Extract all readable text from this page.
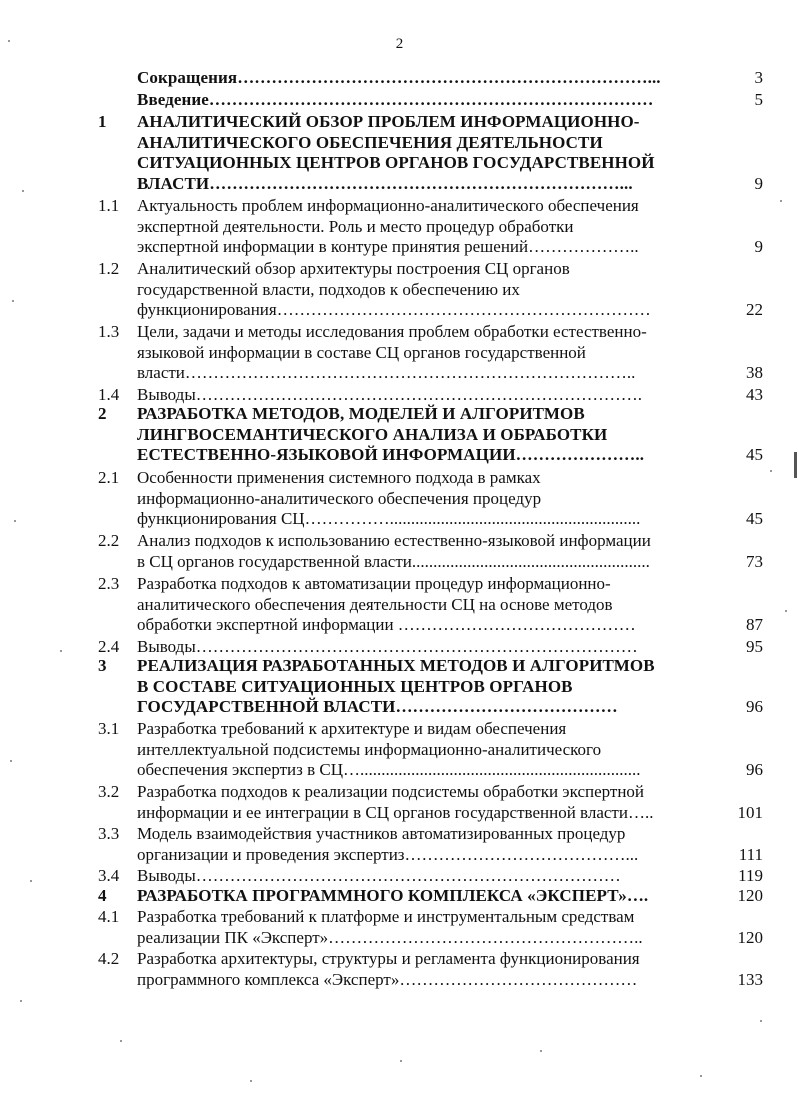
2
Сокращения………………………………………………………………...	3
Введение……………………………………………………………………	5
1 АНАЛИТИЧЕСКИЙ ОБЗОР ПРОБЛЕМ ИНФОРМАЦИОННО-
АНАЛИТИЧЕСКОГО ОБЕСПЕЧЕНИЯ ДЕЯТЕЛЬНОСТИ
СИТУАЦИОННЫХ ЦЕНТРОВ ОРГАНОВ ГОСУДАРСТВЕННОЙ
ВЛАСТИ………………………………………………………………...	9
1.1 Актуальность проблем информационно-аналитического обеспечения
экспертной деятельности. Роль и место процедур обработки
экспертной информации в контуре принятия решений………………..	9
1.2 Аналитический обзор архитектуры построения СЦ органов
государственной власти, подходов к обеспечению их
функционирования…………………………………………………………	22
1.3 Цели, задачи и методы исследования проблем обработки естественно-
языковой информации в составе СЦ органов государственной
власти……………………………………………………………………..	38
1.4 Выводы…………………………………………………………………….	43
2 РАЗРАБОТКА МЕТОДОВ, МОДЕЛЕЙ И АЛГОРИТМОВ
ЛИНГВОСЕМАНТИЧЕСКОГО АНАЛИЗА И ОБРАБОТКИ
ЕСТЕСТВЕННО-ЯЗЫКОВОЙ ИНФОРМАЦИИ…………………..	45
2.1 Особенности применения системного подхода в рамках
информационно-аналитического обеспечения процедур
функционирования СЦ……………...........................................................	45
2.2 Анализ подходов к использованию естественно-языковой информации
в СЦ органов государственной власти........................................................	73
2.3 Разработка подходов к автоматизации процедур информационно-
аналитического обеспечения деятельности СЦ на основе методов
обработки экспертной информации ……………………………………	87
2.4 Выводы……………………………………………………………………	95
3 РЕАЛИЗАЦИЯ РАЗРАБОТАННЫХ МЕТОДОВ И АЛГОРИТМОВ
В СОСТАВЕ СИТУАЦИОННЫХ ЦЕНТРОВ ОРГАНОВ
ГОСУДАРСТВЕННОЙ ВЛАСТИ…………………………………	96
3.1 Разработка требований к архитектуре и видам обеспечения
интеллектуальной подсистемы информационно-аналитического
обеспечения экспертиз в СЦ…..................................................................	96
3.2 Разработка подходов к реализации подсистемы обработки экспертной
информации и ее интеграции в СЦ органов государственной власти…..	101
3.3 Модель взаимодействия участников автоматизированных процедур
организации и проведения экспертиз…………………………………...	111
3.4 Выводы…………………………………………………………………	119
4 РАЗРАБОТКА ПРОГРАММНОГО КОМПЛЕКСА «ЭКСПЕРТ»….	120
4.1 Разработка требований к платформе и инструментальным средствам
реализации ПК «Эксперт»………………………………………………..	120
4.2 Разработка архитектуры, структуры и регламента функционирования
программного комплекса «Эксперт»……………………………………	133
